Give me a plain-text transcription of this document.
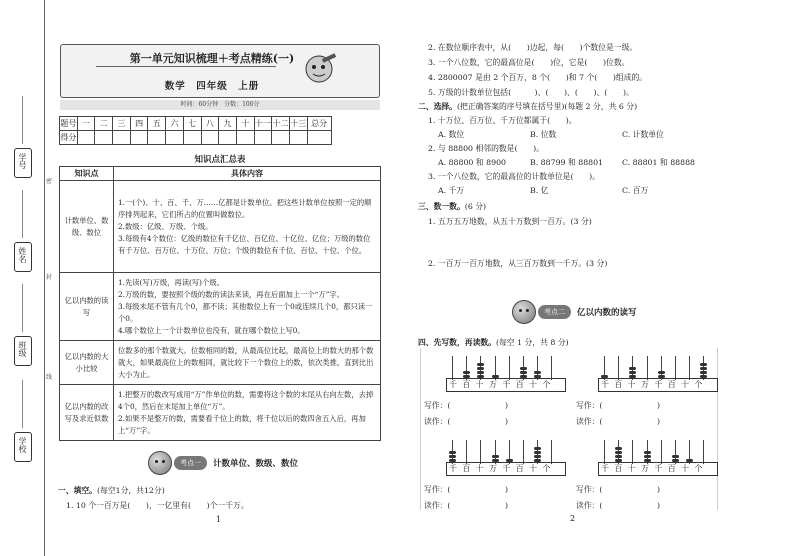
学号
姓名
班级
学校
密
封
线
第一单元知识梳理＋考点精练(一)
数学　四年级　上册
时间：60分钟　分数：100分
题号	一	二	三	四	五	六	七	八	九	十	十一	十二	十三	总分
得分														
知识点汇总表
知识点	具体内容
计数单位、数级、数位	1.一(个)、十、百、千、万……亿都是计数单位。把这些计数单位按照一定的顺序排列起来，它们所占的位置叫做数位。
2.数级：亿级、万级、个级。
3.每级有4个数位：亿级的数位有千亿位、百亿位、十亿位、亿位；万级的数位有千万位、百万位、十万位、万位；个级的数位有千位、百位、十位、个位。
亿以内数的读写	1.先读(写)万级，再读(写)个级。
2.万级的数，要按照个级的数的读法来读，再在后面加上一个“万”字。
3.每级末尾不管有几个0，都不读；其他数位上有一个0或连续几个0，都只读一个0。
4.哪个数位上一个计数单位也没有，就在哪个数位上写0。
亿以内数的大小比较	位数多的那个数就大。位数相同的数，从最高位比起，最高位上的数大的那个数就大，如果最高位上的数相同，就比较下一个数位上的数，依次类推，直到比出大小为止。
亿以内数的改写及求近似数	1.把整万的数改写成用“万”作单位的数，需要将这个数的末尾从右向左数，去掉4个0，然后在末尾加上单位“万”。
2.如果不是整万的数，需要看千位上的数，将千位以后的数四舍五入后，再加上“万”字。
考点一	计数单位、数级、数位
一、填空。(每空1分，共12分)
1. 10 个一百万是(　　)，一亿里有(　　)个一千万。
1
2. 在数位顺序表中，从(　　)边起，每(　　)个数位是一级。
3. 一个八位数，它的最高位是(　　)位，它是(　　)位数。
4. 2800007 是由 2 个百万，8 个(　　)和 7 个(　　)组成的。
5. 万级的计数单位包括(　　　)、(　　)、(　　)、(　　)。
二、选择。(把正确答案的序号填在括号里)(每题 2 分，共 6 分)
1. 十万位、百万位、千万位都属于(　　)。
A. 数位	B. 位数	C. 计数单位
2. 与 88800 相邻的数是(　　)。
A. 88800 和 8900	B. 88799 和 88801 C. 88801 和 88888
3. 一个八位数，它的最高位的计数单位是(　　)。
A. 千万	B. 亿	C. 百万
三、数一数。(6 分)
1. 五万五万地数，从五十万数到一百万。(3 分)
2. 一百万一百万地数，从三百万数到一千万。(3 分)
考点二	亿以内数的读写
四、先写数，再读数。(每空 1 分，共 8 分)
千 百 十 万 千 百 十 个
写作：(　　　　　　　)
读作：(　　　　　　　)
千 百 十 万 千 百 十 个
写作：(　　　　　　　)
读作：(　　　　　　　)
千 百 十 万 千 百 十 个
写作：(　　　　　　　)
读作：(　　　　　　　)
千 百 十 万 千 百 十 个
写作：(　　　　　　　)
读作：(　　　　　　　)
2
